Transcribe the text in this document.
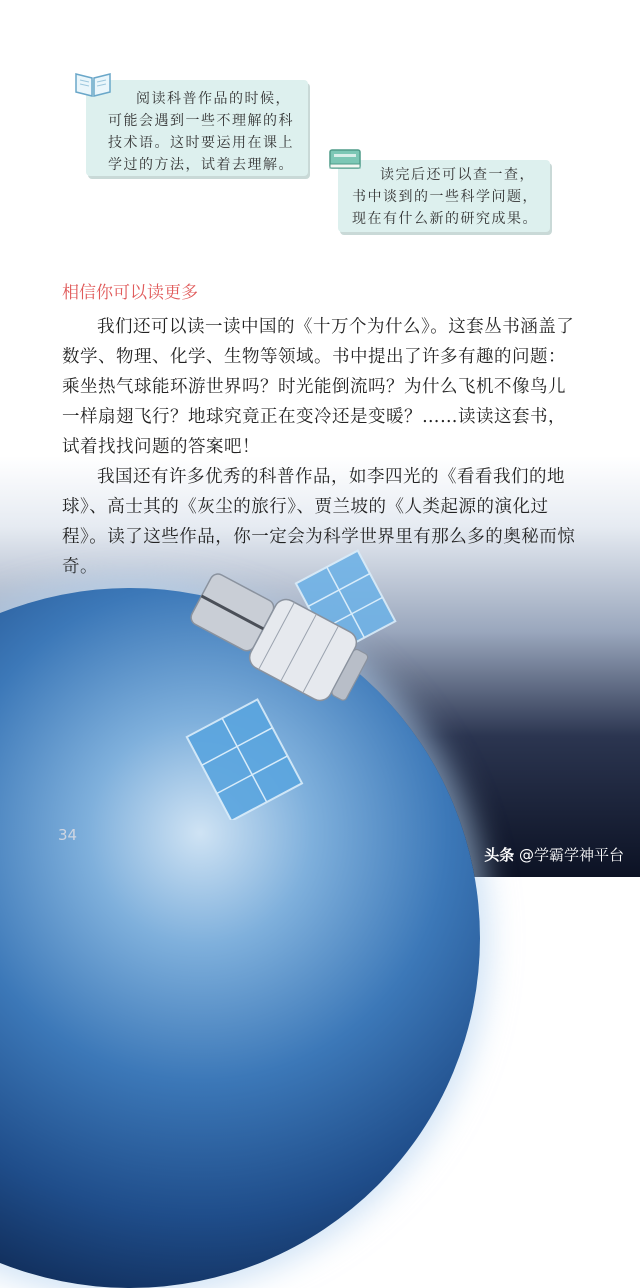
阅读科普作品的时候，可能会遇到一些不理解的科技术语。这时要运用在课上学过的方法，试着去理解。
读完后还可以查一查，书中谈到的一些科学问题，现在有什么新的研究成果。
相信你可以读更多

我们还可以读一读中国的《十万个为什么》。这套丛书涵盖了数学、物理、化学、生物等领域。书中提出了许多有趣的问题：乘坐热气球能环游世界吗？时光能倒流吗？为什么飞机不像鸟儿一样扇翅飞行？地球究竟正在变冷还是变暖？……读读这套书，试着找找问题的答案吧！

我国还有许多优秀的科普作品，如李四光的《看看我们的地球》、高士其的《灰尘的旅行》、贾兰坡的《人类起源的演化过程》。读了这些作品，你一定会为科学世界里有那么多的奥秘而惊奇。

34
头条 @学霸学神平台
